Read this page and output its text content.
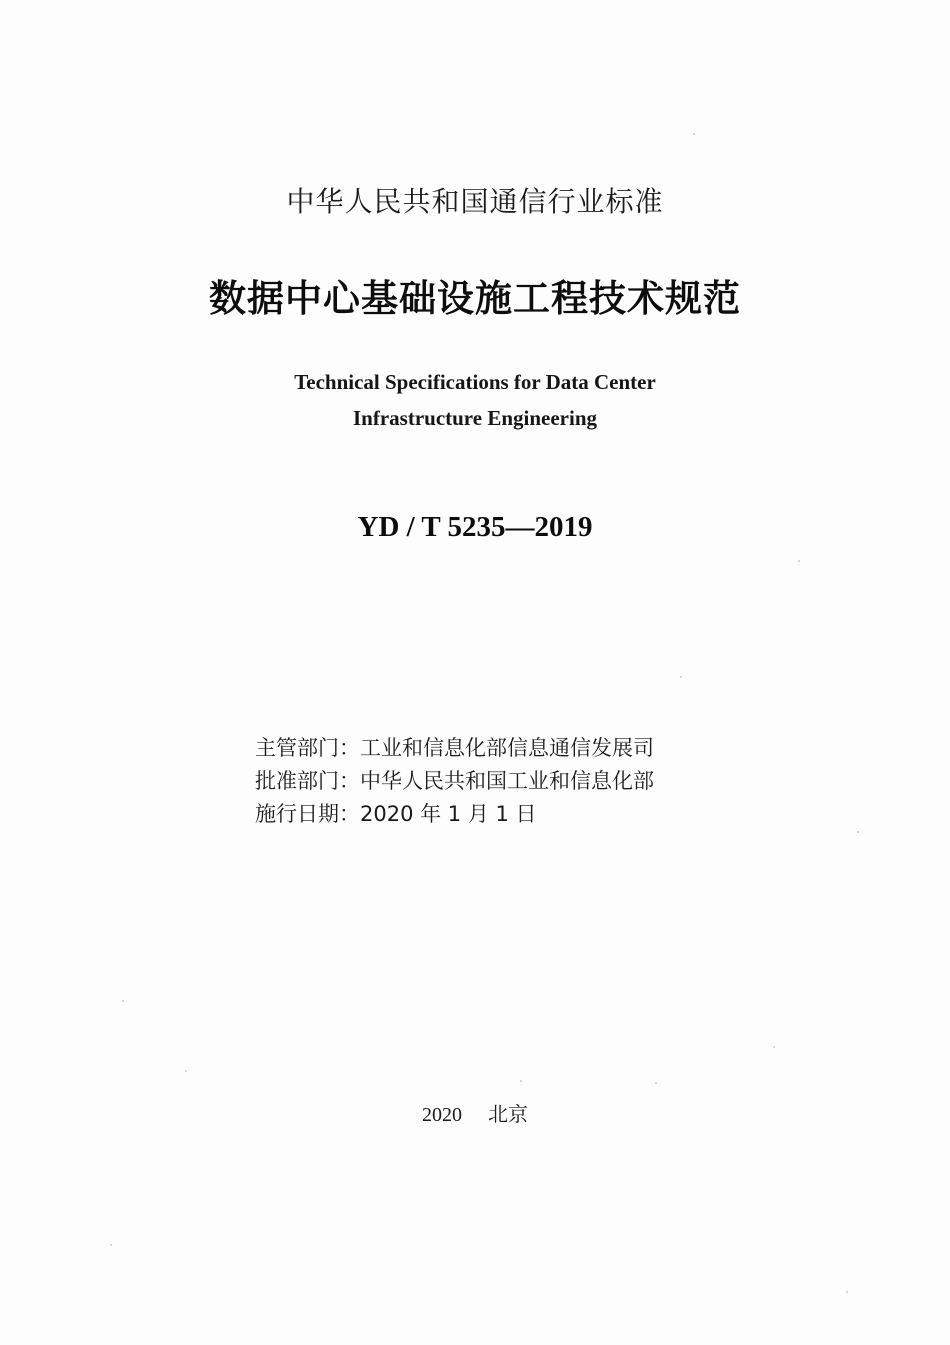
中华人民共和国通信行业标准
数据中心基础设施工程技术规范
Technical Specifications for Data Center
Infrastructure Engineering
YD / T 5235—2019
主管部门：工业和信息化部信息通信发展司
批准部门：中华人民共和国工业和信息化部
施行日期：2020 年 1 月 1 日
2020 北京
